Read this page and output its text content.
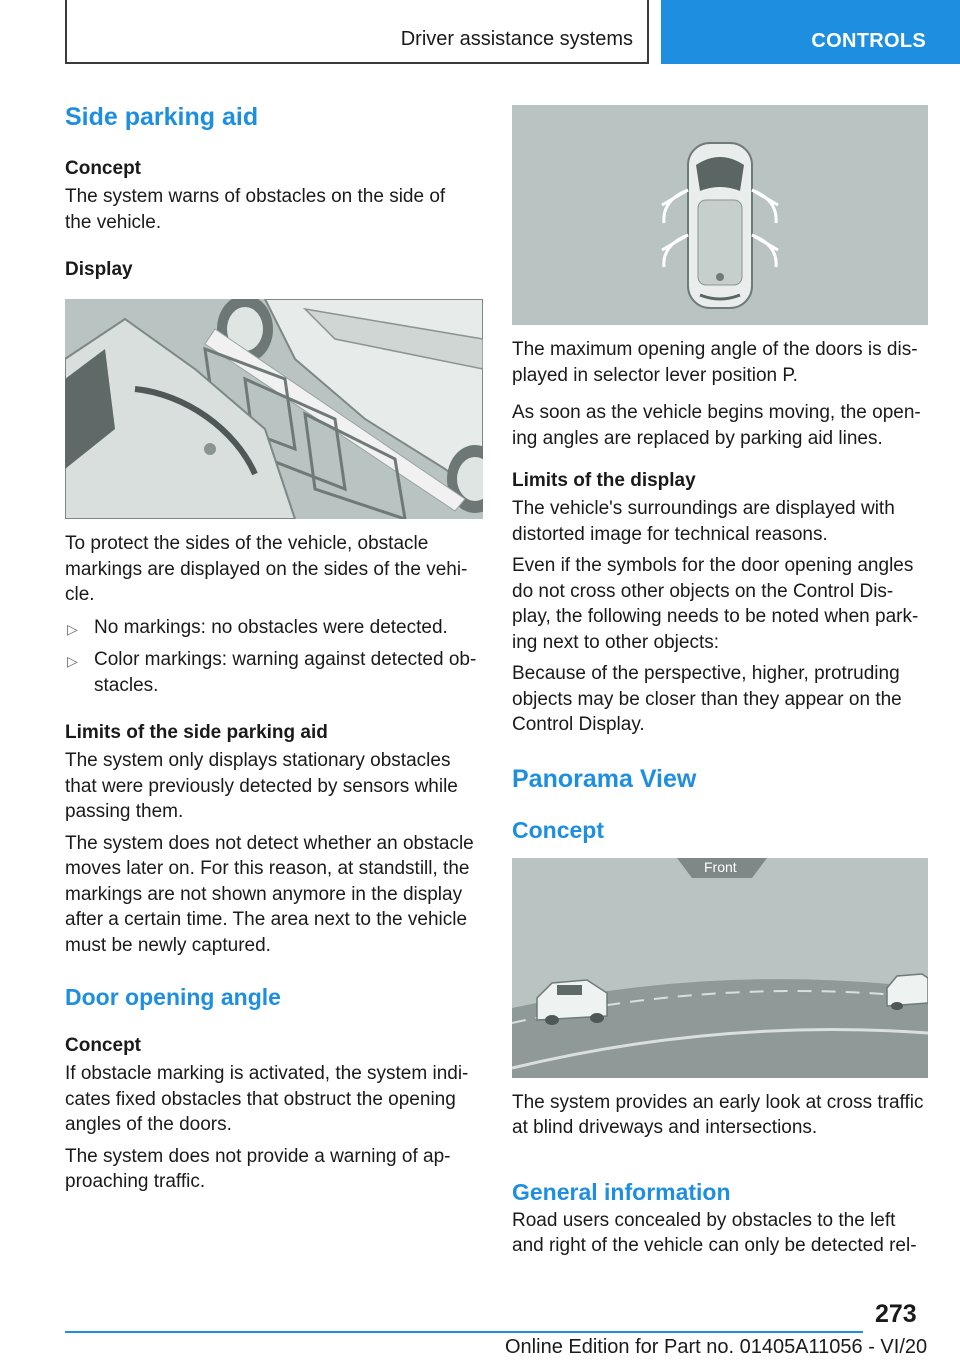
Driver assistance systems	CONTROLS
Side parking aid
Concept

The system warns of obstacles on the side of
the vehicle.

Display

To protect the sides of the vehicle, obstacle
markings are displayed on the sides of the vehi-
cle.

▷ No markings: no obstacles were detected.
▷ Color markings: warning against detected ob-
stacles.
Limits of the side parking aid

The system only displays stationary obstacles
that were previously detected by sensors while
passing them.

The system does not detect whether an obstacle
moves later on. For this reason, at standstill, the
markings are not shown anymore in the display
after a certain time. The area next to the vehicle
must be newly captured.

Door opening angle
Concept

If obstacle marking is activated, the system indi-
cates fixed obstacles that obstruct the opening
angles of the doors.

The system does not provide a warning of ap-
proaching traffic.

The maximum opening angle of the doors is dis-
played in selector lever position P.

As soon as the vehicle begins moving, the open-
ing angles are replaced by parking aid lines.

Limits of the display

The vehicle's surroundings are displayed with
distorted image for technical reasons.

Even if the symbols for the door opening angles
do not cross other objects on the Control Dis-
play, the following needs to be noted when park-
ing next to other objects:

Because of the perspective, higher, protruding
objects may be closer than they appear on the
Control Display.

Panorama View
Concept
Front

The system provides an early look at cross traffic
at blind driveways and intersections.

General information

Road users concealed by obstacles to the left
and right of the vehicle can only be detected rel-

273
Online Edition for Part no. 01405A11056 - VI/20
